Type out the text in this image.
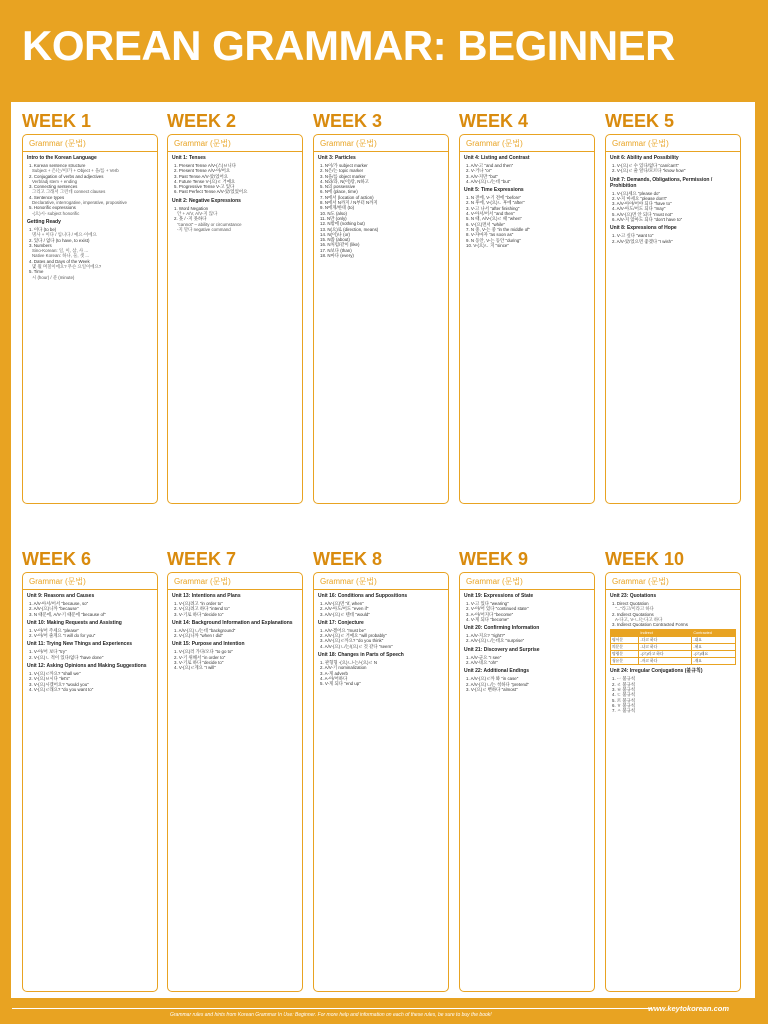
KOREAN GRAMMAR: BEGINNER
WEEK 1
Grammar (문법)
Intro to the Korean Language
1. Korean sentence structure
Subject + 은/는/이/가 + Object + 을/를 + Verb
2. Conjugation of verbs and adjectives
Verb/adj stem + ending
3. Connecting sentences
그리고 그래서 그런데 connect clauses
4. Sentence types
Declarative, interrogative, imperative, propositive
5. Honorific expressions
-(으)시- subject honorific
Getting Ready
1. 이다 (to be)
명사 + 이다 / 입니다 / 예요·이에요
2. 있다 / 없다 (to have, to exist)
3. Numbers
Sino-Korean: 일, 이, 삼, 사 ...
Native Korean: 하나, 둘, 셋 ...
4. Dates and Days of the Week
몇 월 며칠이에요? 무슨 요일이에요?
5. Time
시 (hour) / 분 (minute)
WEEK 2
Grammar (문법)
Unit 1: Tenses
1. Present Tense A/V-(스)ㅂ니다
2. Present Tense A/V-아/어요
3. Past Tense A/V-았/었어요
4. Future Tense V-(으)ㄹ 거예요
5. Progressive Tense V-고 있다
6. Past Perfect Tense A/V-았/었었어요
Unit 2: Negative Expressions
1. Word Negation
안 + A/V, A/V-지 않다
2. 못 / -지 못하다
"cannot" – ability or circumstance
-지 말다 negative command
WEEK 3
Grammar (문법)
Unit 3: Particles
1. N이/가 subject marker
2. N은/는 topic marker
3. N을/를 object marker
4. N와/과, N(이)랑, N하고
5. N의 possessive
6. N에 (place, time)
7. N에서 (location of action)
8. N에서 N까지 / N부터 N까지
9. N에게/한테 (to)
10. N도 (also)
11. N만 (only)
12. N밖에 (nothing but)
13. N(으)로 (direction, means)
14. N(이)나 (or)
15. N쯤 (about)
16. N처럼/같이 (like)
17. N보다 (than)
18. N마다 (every)
WEEK 4
Grammar (문법)
Unit 4: Listing and Contrast
1. A/V-고 "and and then"
2. V-거나 "or"
3. A/V-지만 "but"
4. A/V-(으)ㄴ/는데 "but"
Unit 5: Time Expressions
1. N 전에, V-기 전에 "before"
2. N 후에, V-(으)ㄴ 후에 "after"
3. V-고 나서 "after finishing"
4. V-아서/어서 "and then"
5. N 때, A/V-(으)ㄹ 때 "when"
6. V-(으)면서 "while"
7. N 중, V-는 중 "in the middle of"
8. V-자마자 "as soon as"
9. N 동안, V-는 동안 "during"
10. V-(으)ㄴ 지 "since"
WEEK 5
Grammar (문법)
Unit 6: Ability and Possibility
1. V-(으)ㄹ 수 있다/없다 "can/can't"
2. V-(으)ㄹ 줄 알다/모르다 "know how"
Unit 7: Demands, Obligations, Permission / Prohibition
1. V-(으)세요 "please do"
2. V-지 마세요 "please don't"
3. A/V-아야/어야 되다 "have to"
4. A/V-아도/어도 되다 "may"
5. A/V-(으)면 안 되다 "must not"
6. A/V-지 않아도 되다 "don't have to"
Unit 8: Expressions of Hope
1. V-고 싶다 "want to"
2. A/V-았/었으면 좋겠다 "I wish"
WEEK 6
Grammar (문법)
Unit 9: Reasons and Causes
1. A/V-아서/어서 "because, so"
2. A/V-(으)니까 "because"
3. N 때문에, A/V-기 때문에 "because of"
Unit 10: Making Requests and Assisting
1. V-아/어 주세요 "please"
2. V-아/어 줄게요 "I will do for you"
Unit 11: Trying New Things and Experiences
1. V-아/어 보다 "try"
2. V-(으)ㄴ 적이 있다/없다 "have done"
Unit 12: Asking Opinions and Making Suggestions
1. V-(으)ㄹ까요? "shall we"
2. V-(으)ㅂ시다 "let's"
3. V-(으)시겠어요? "would you"
4. V-(으)ㄹ래요? "do you want to"
WEEK 7
Grammar (문법)
Unit 13: Intentions and Plans
1. V-(으)려고 "in order to"
2. V-(으)려고 하다 "intend to"
3. V-기로 하다 "decide to"
Unit 14: Background Information and Explanations
1. A/V-(으)ㄴ/는데 "background"
2. V-(으)니까 "when I did"
Unit 15: Purpose and Intention
1. V-(으)러 가다/오다 "to go to"
2. V-기 위해서 "in order to"
3. V-기로 하다 "decide to"
4. V-(으)ㄹ게요 "I will"
WEEK 8
Grammar (문법)
Unit 16: Conditions and Suppositions
1. A/V-(으)면 "if, when"
2. A/V-아도/어도 "even if"
3. A/V-(으)ㄹ 텐데 "would"
Unit 17: Conjecture
1. A/V-겠어요 "must be"
2. A/V-(으)ㄹ 거예요 "will probably"
3. A/V-(으)ㄹ까요? "do you think"
4. A/V-(으)ㄴ/는/(으)ㄹ 것 같다 "seem"
Unit 18: Changes in Parts of Speech
1. 관형형 -(으)ㄴ/-는/-(으)ㄹ N
2. A/V-기 nominalization
3. A-게 adverb
4. A-아/어하다
5. V-게 되다 "end up"
WEEK 9
Grammar (문법)
Unit 19: Expressions of State
1. V-고 있다 "wearing"
2. V-아/어 있다 "continued state"
3. A-아/어지다 "become"
4. V-게 되다 "become"
Unit 20: Confirming Information
1. A/V-지요? "right?"
2. A/V-(으)ㄴ/는데요 "surprise"
Unit 21: Discovery and Surprise
1. A/V-군요 "I see"
2. A/V-네요 "oh!"
Unit 22: Additional Endings
1. A/V-(으)ㄹ까 봐 "in case"
2. A/V-(으)ㄴ/는 척하다 "pretend"
3. V-(으)ㄹ 뻔하다 "almost"
WEEK 10
Grammar (문법)
Unit 23: Quotations
1. Direct Quotation
"..."라고/이라고 하다
2. Indirect Quotations
A-다고, V-ㄴ/는다고 하다
3. Indirect Quotation Contracted Forms
	Indirect	Contracted
평서문	-다고 하다	-대요
의문문	-냐고 하다	-냬요
명령문	-(으)라고 하다	-(으)래요
청유문	-자고 하다	-재요
Unit 24: Irregular Conjugations (불규칙)
1. ㅡ 불규칙
2. ㄹ 불규칙
3. ㅂ 불규칙
4. ㄷ 불규칙
5. 르 불규칙
6. ㅎ 불규칙
7. ㅅ 불규칙
Grammar rules and hints from Korean Grammar In Use: Beginner. For more help and information on each of these rules, be sure to buy the book!
www.keytokorean.com
